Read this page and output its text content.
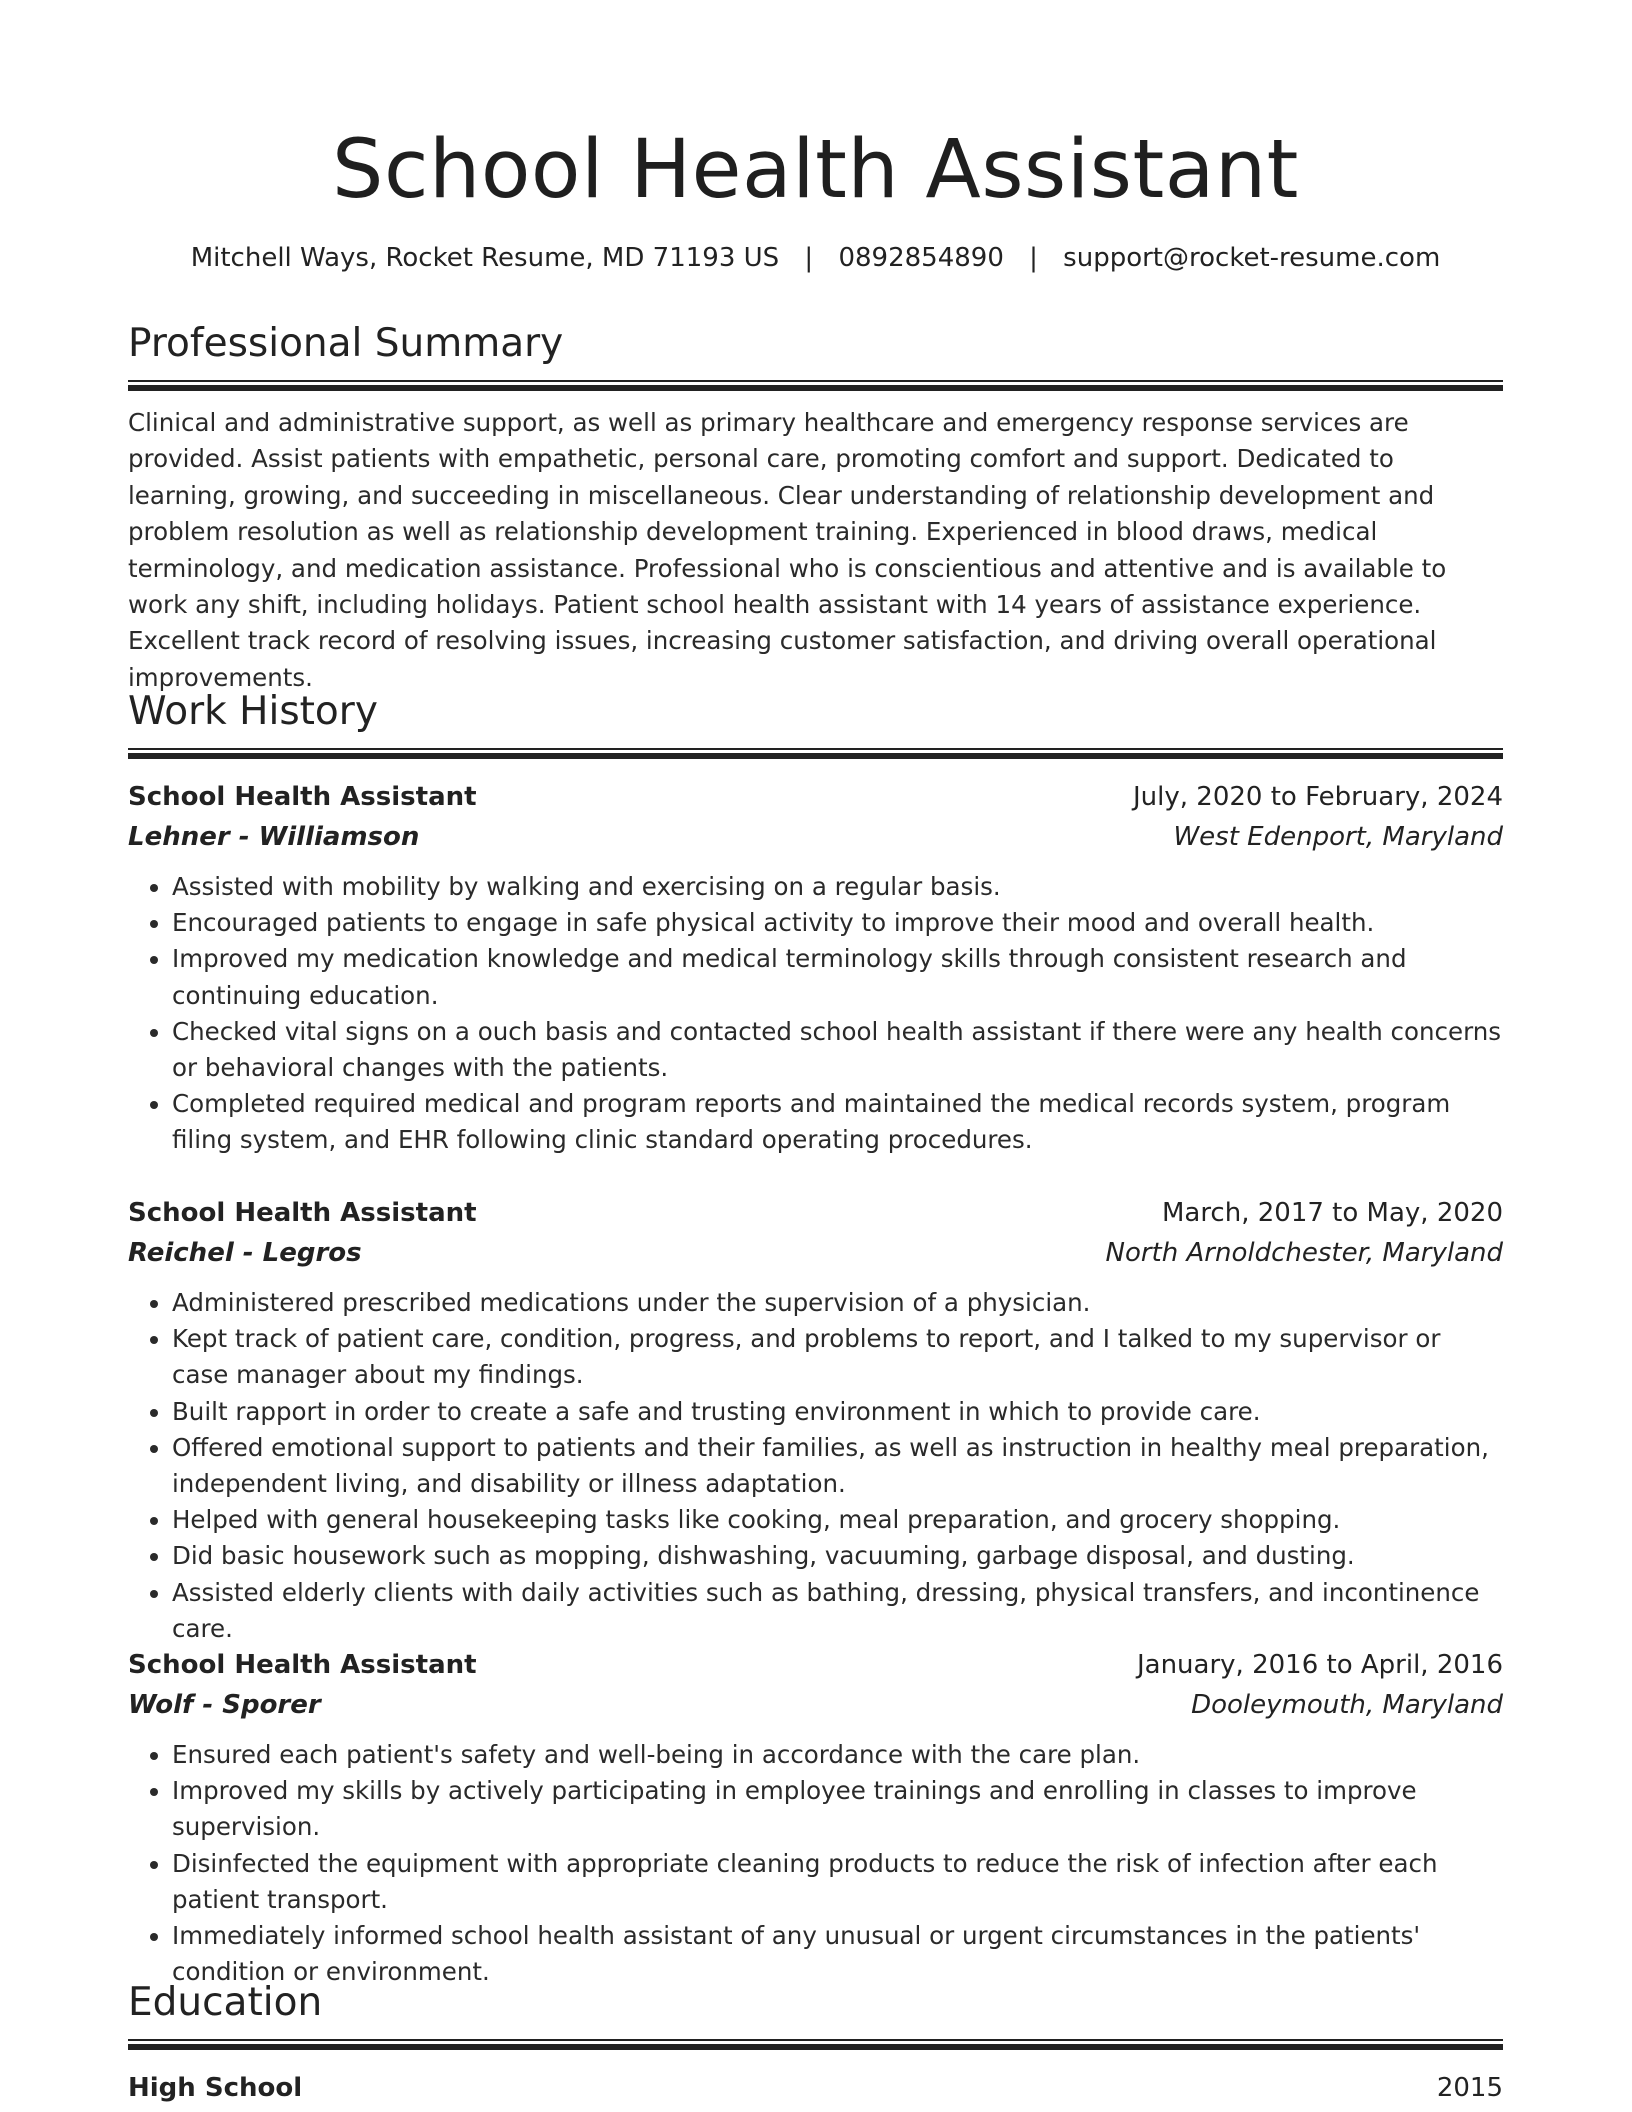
School Health Assistant
Mitchell Ways, Rocket Resume, MD 71193 US | 0892854890 | support@rocket-resume.com
Professional Summary

Clinical and administrative support, as well as primary healthcare and emergency response services are provided. Assist patients with empathetic, personal care, promoting comfort and support. Dedicated to learning, growing, and succeeding in miscellaneous. Clear understanding of relationship development and problem resolution as well as relationship development training. Experienced in blood draws, medical terminology, and medication assistance. Professional who is conscientious and attentive and is available to work any shift, including holidays. Patient school health assistant with 14 years of assistance experience. Excellent track record of resolving issues, increasing customer satisfaction, and driving overall operational improvements.

Work History
School Health Assistant	July, 2020 to February, 2024
Lehner - Williamson	West Edenport, Maryland
• Assisted with mobility by walking and exercising on a regular basis.
• Encouraged patients to engage in safe physical activity to improve their mood and overall health.
• Improved my medication knowledge and medical terminology skills through consistent research and continuing education.
• Checked vital signs on a ouch basis and contacted school health assistant if there were any health concerns or behavioral changes with the patients.
• Completed required medical and program reports and maintained the medical records system, program filing system, and EHR following clinic standard operating procedures.
School Health Assistant	March, 2017 to May, 2020
Reichel - Legros	North Arnoldchester, Maryland
• Administered prescribed medications under the supervision of a physician.
• Kept track of patient care, condition, progress, and problems to report, and I talked to my supervisor or case manager about my findings.
• Built rapport in order to create a safe and trusting environment in which to provide care.
• Offered emotional support to patients and their families, as well as instruction in healthy meal preparation, independent living, and disability or illness adaptation.
• Helped with general housekeeping tasks like cooking, meal preparation, and grocery shopping.
• Did basic housework such as mopping, dishwashing, vacuuming, garbage disposal, and dusting.
• Assisted elderly clients with daily activities such as bathing, dressing, physical transfers, and incontinence care.
School Health Assistant	January, 2016 to April, 2016
Wolf - Sporer	Dooleymouth, Maryland
• Ensured each patient's safety and well-being in accordance with the care plan.
• Improved my skills by actively participating in employee trainings and enrolling in classes to improve supervision.
• Disinfected the equipment with appropriate cleaning products to reduce the risk of infection after each patient transport.
• Immediately informed school health assistant of any unusual or urgent circumstances in the patients' condition or environment.
Education
High School	2015
